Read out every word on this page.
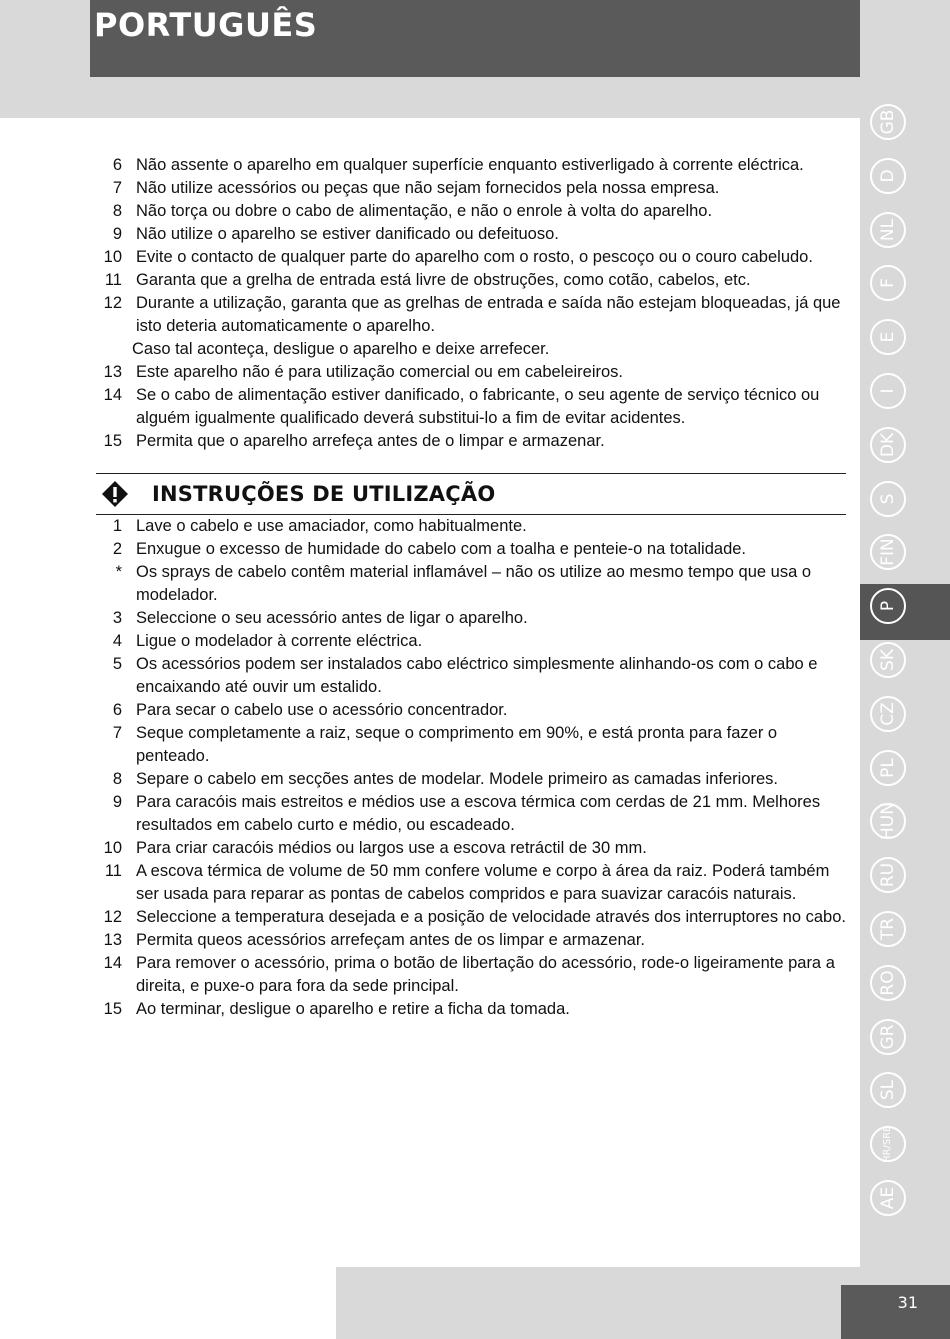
PORTUGUÊS
6 Não assente o aparelho em qualquer superfície enquanto estiverligado à corrente eléctrica.
7 Não utilize acessórios ou peças que não sejam fornecidos pela nossa empresa.
8 Não torça ou dobre o cabo de alimentação, e não o enrole à volta do aparelho.
9 Não utilize o aparelho se estiver danificado ou defeituoso.
10 Evite o contacto de qualquer parte do aparelho com o rosto, o pescoço ou o couro cabeludo.
11 Garanta que a grelha de entrada está livre de obstruções, como cotão, cabelos, etc.
12 Durante a utilização, garanta que as grelhas de entrada e saída não estejam bloqueadas, já que isto deteria automaticamente o aparelho.
Caso tal aconteça, desligue o aparelho e deixe arrefecer.
13 Este aparelho não é para utilização comercial ou em cabeleireiros.
14 Se o cabo de alimentação estiver danificado, o fabricante, o seu agente de serviço técnico ou alguém igualmente qualificado deverá substitui-lo a fim de evitar acidentes.
15 Permita que o aparelho arrefeça antes de o limpar e armazenar.
INSTRUÇÕES DE UTILIZAÇÃO
1 Lave o cabelo e use amaciador, como habitualmente.
2 Enxugue o excesso de humidade do cabelo com a toalha e penteie-o na totalidade.
* Os sprays de cabelo contêm material inflamável – não os utilize ao mesmo tempo que usa o modelador.
3 Seleccione o seu acessório antes de ligar o aparelho.
4 Ligue o modelador à corrente eléctrica.
5 Os acessórios podem ser instalados cabo eléctrico simplesmente alinhando-os com o cabo e encaixando até ouvir um estalido.
6 Para secar o cabelo use o acessório concentrador.
7 Seque completamente a raiz, seque o comprimento em 90%, e está pronta para fazer o penteado.
8 Separe o cabelo em secções antes de modelar. Modele primeiro as camadas inferiores.
9 Para caracóis mais estreitos e médios use a escova térmica com cerdas de 21 mm. Melhores resultados em cabelo curto e médio, ou escadeado.
10 Para criar caracóis médios ou largos use a escova retráctil de 30 mm.
11 A escova térmica de volume de 50 mm confere volume e corpo à área da raiz. Poderá também ser usada para reparar as pontas de cabelos compridos e para suavizar caracóis naturais.
12 Seleccione a temperatura desejada e a posição de velocidade através dos interruptores no cabo.
13 Permita queos acessórios arrefeçam antes de os limpar e armazenar.
14 Para remover o acessório, prima o botão de libertação do acessório, rode-o ligeiramente para a direita, e puxe-o para fora da sede principal.
15 Ao terminar, desligue o aparelho e retire a ficha da tomada.
GB
D
NL
F
E
I
DK
S
FIN
P
SK
CZ
PL
HUN
RU
TR
RO
GR
SL
HR/SRB
AE
31
